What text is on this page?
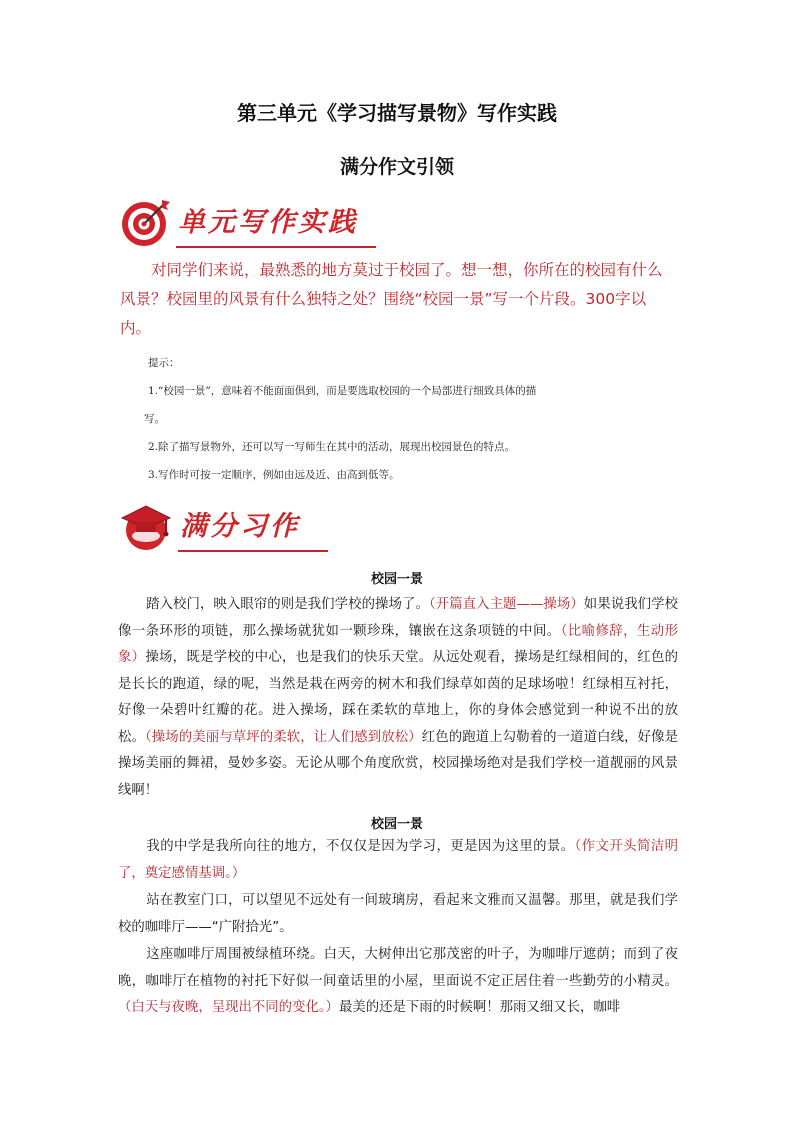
第三单元《学习描写景物》写作实践
满分作文引领
单元写作实践
对同学们来说，最熟悉的地方莫过于校园了。想一想，你所在的校园有什么风景？校园里的风景有什么独特之处？围绕“校园一景”写一个片段。300字以内。
提示：
1.“校园一景”，意味着不能面面俱到，而是要选取校园的一个局部进行细致具体的描
写。
2.除了描写景物外，还可以写一写师生在其中的活动，展现出校园景色的特点。
3.写作时可按一定顺序，例如由远及近、由高到低等。
满分习作
校园一景
踏入校门，映入眼帘的则是我们学校的操场了。（开篇直入主题——操场）如果说我们学校像一条环形的项链，那么操场就犹如一颗珍珠，镶嵌在这条项链的中间。（比喻修辞，生动形象）操场，既是学校的中心，也是我们的快乐天堂。从远处观看，操场是红绿相间的，红色的是长长的跑道，绿的呢，当然是栽在两旁的树木和我们绿草如茵的足球场啦！红绿相互衬托，好像一朵碧叶红瓣的花。进入操场，踩在柔软的草地上，你的身体会感觉到一种说不出的放松。（操场的美丽与草坪的柔软，让人们感到放松）红色的跑道上勾勒着的一道道白线，好像是操场美丽的舞裙，曼妙多姿。无论从哪个角度欣赏，校园操场绝对是我们学校一道靓丽的风景线啊！
校园一景
我的中学是我所向往的地方，不仅仅是因为学习，更是因为这里的景。（作文开头简洁明了，奠定感情基调。）
站在教室门口，可以望见不远处有一间玻璃房，看起来文雅而又温馨。那里，就是我们学校的咖啡厅——“广附拾光”。
这座咖啡厅周围被绿植环绕。白天，大树伸出它那茂密的叶子，为咖啡厅遮荫；而到了夜晚，咖啡厅在植物的衬托下好似一间童话里的小屋，里面说不定正居住着一些勤劳的小精灵。（白天与夜晚，呈现出不同的变化。）最美的还是下雨的时候啊！那雨又细又长，咖啡
